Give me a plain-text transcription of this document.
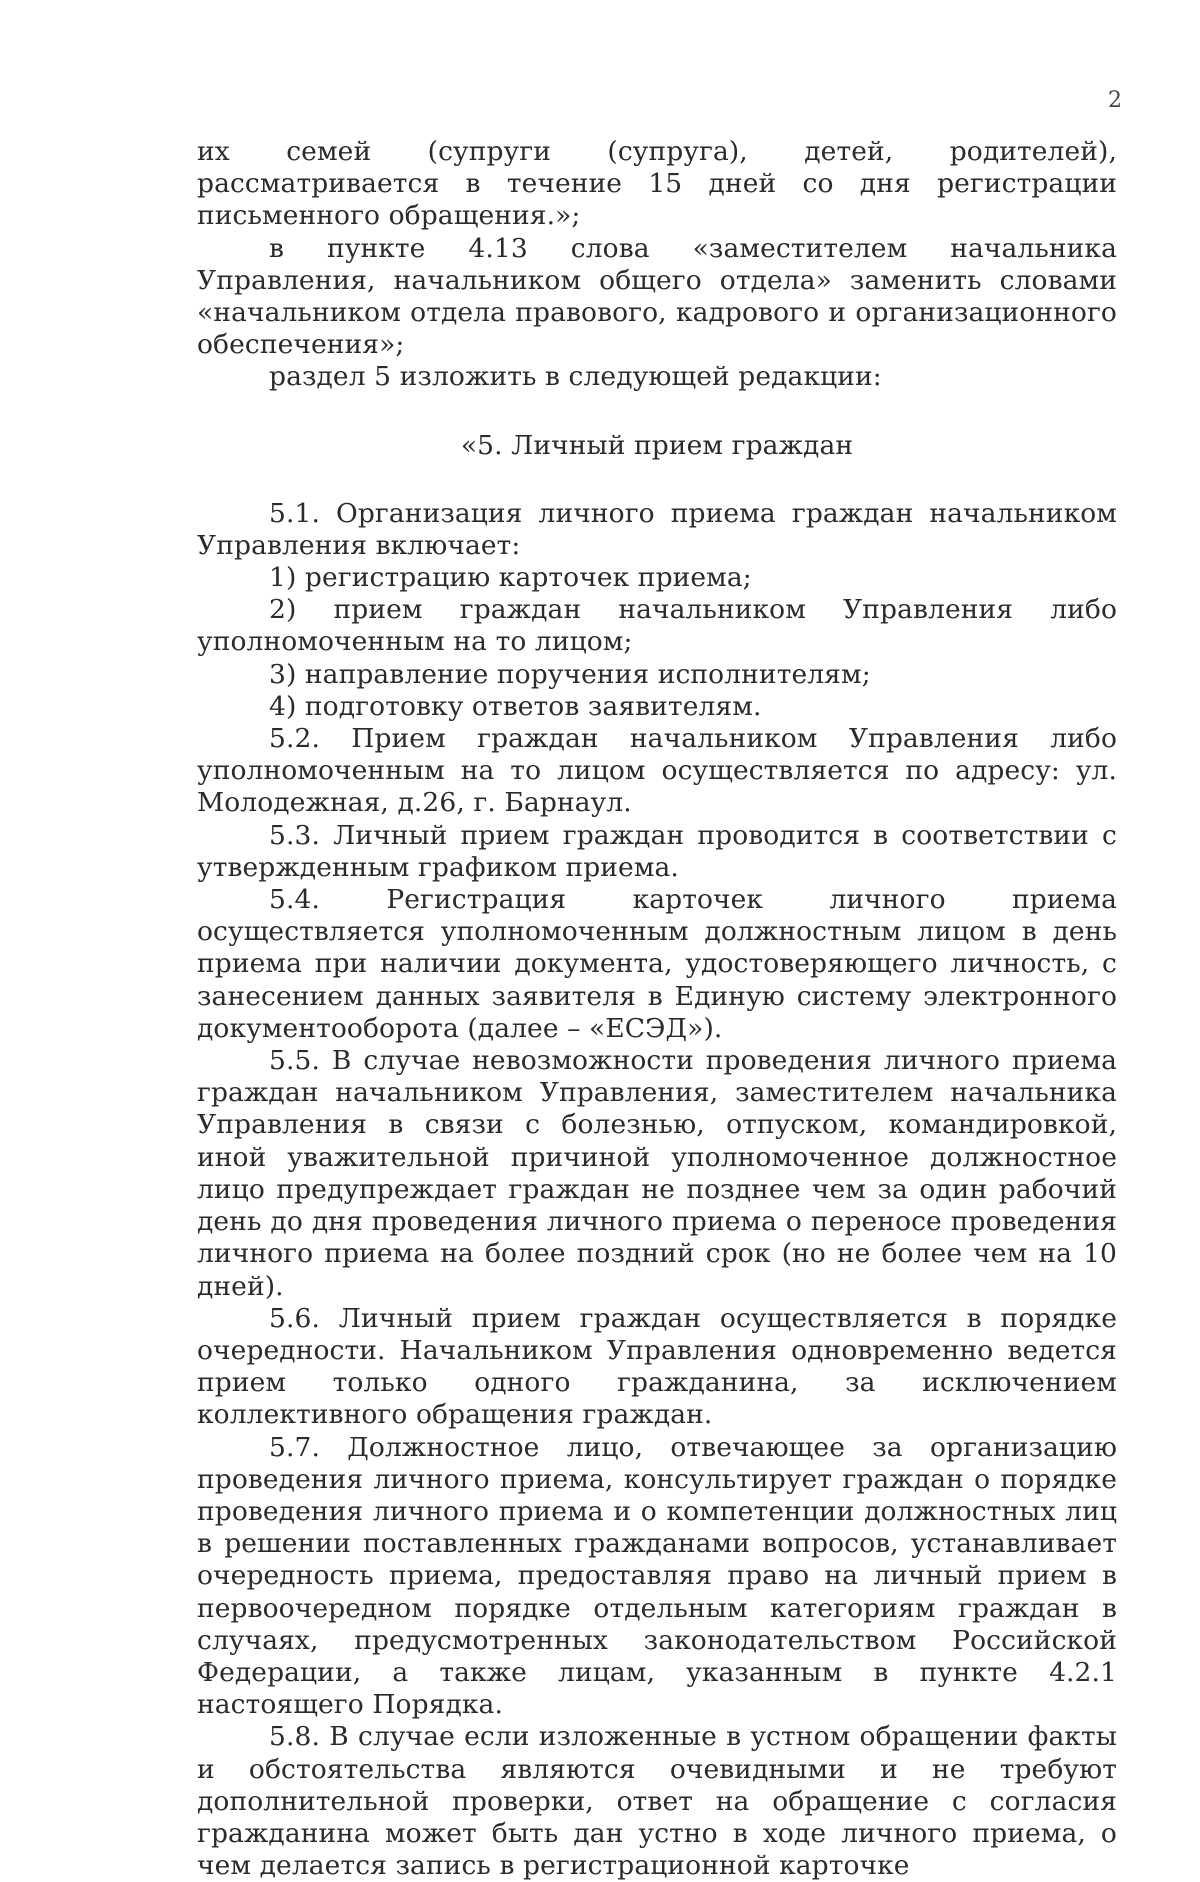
2

их семей (супруги (супруга), детей, родителей), рассматривается в течение 15 дней со дня регистрации письменного обращения.»;

в пункте 4.13 слова «заместителем начальника Управления, начальником общего отдела» заменить словами «начальником отдела правового, кадрового и организационного обеспечения»;

раздел 5 изложить в следующей редакции:

«5. Личный прием граждан

5.1. Организация личного приема граждан начальником Управления включает:

1) регистрацию карточек приема;

2) прием граждан начальником Управления либо уполномоченным на то лицом;

3) направление поручения исполнителям;

4) подготовку ответов заявителям.

5.2. Прием граждан начальником Управления либо уполномоченным на то лицом осуществляется по адресу: ул. Молодежная, д.26, г. Барнаул.

5.3. Личный прием граждан проводится в соответствии с утвержденным графиком приема.

5.4. Регистрация карточек личного приема осуществляется уполномоченным должностным лицом в день приема при наличии документа, удостоверяющего личность, с занесением данных заявителя в Единую систему электронного документооборота (далее – «ЕСЭД»).

5.5. В случае невозможности проведения личного приема граждан начальником Управления, заместителем начальника Управления в связи с болезнью, отпуском, командировкой, иной уважительной причиной уполномоченное должностное лицо предупреждает граждан не позднее чем за один рабочий день до дня проведения личного приема о переносе проведения личного приема на более поздний срок (но не более чем на 10 дней).

5.6. Личный прием граждан осуществляется в порядке очередности. Начальником Управления одновременно ведется прием только одного гражданина, за исключением коллективного обращения граждан.

5.7. Должностное лицо, отвечающее за организацию проведения личного приема, консультирует граждан о порядке проведения личного приема и о компетенции должностных лиц в решении поставленных гражданами вопросов, устанавливает очередность приема, предоставляя право на личный прием в первоочередном порядке отдельным категориям граждан в случаях, предусмотренных законодательством Российской Федерации, а также лицам, указанным в пункте 4.2.1 настоящего Порядка.

5.8. В случае если изложенные в устном обращении факты и обстоятельства являются очевидными и не требуют дополнительной проверки, ответ на обращение с согласия гражданина может быть дан устно в ходе личного приема, о чем делается запись в регистрационной карточке
